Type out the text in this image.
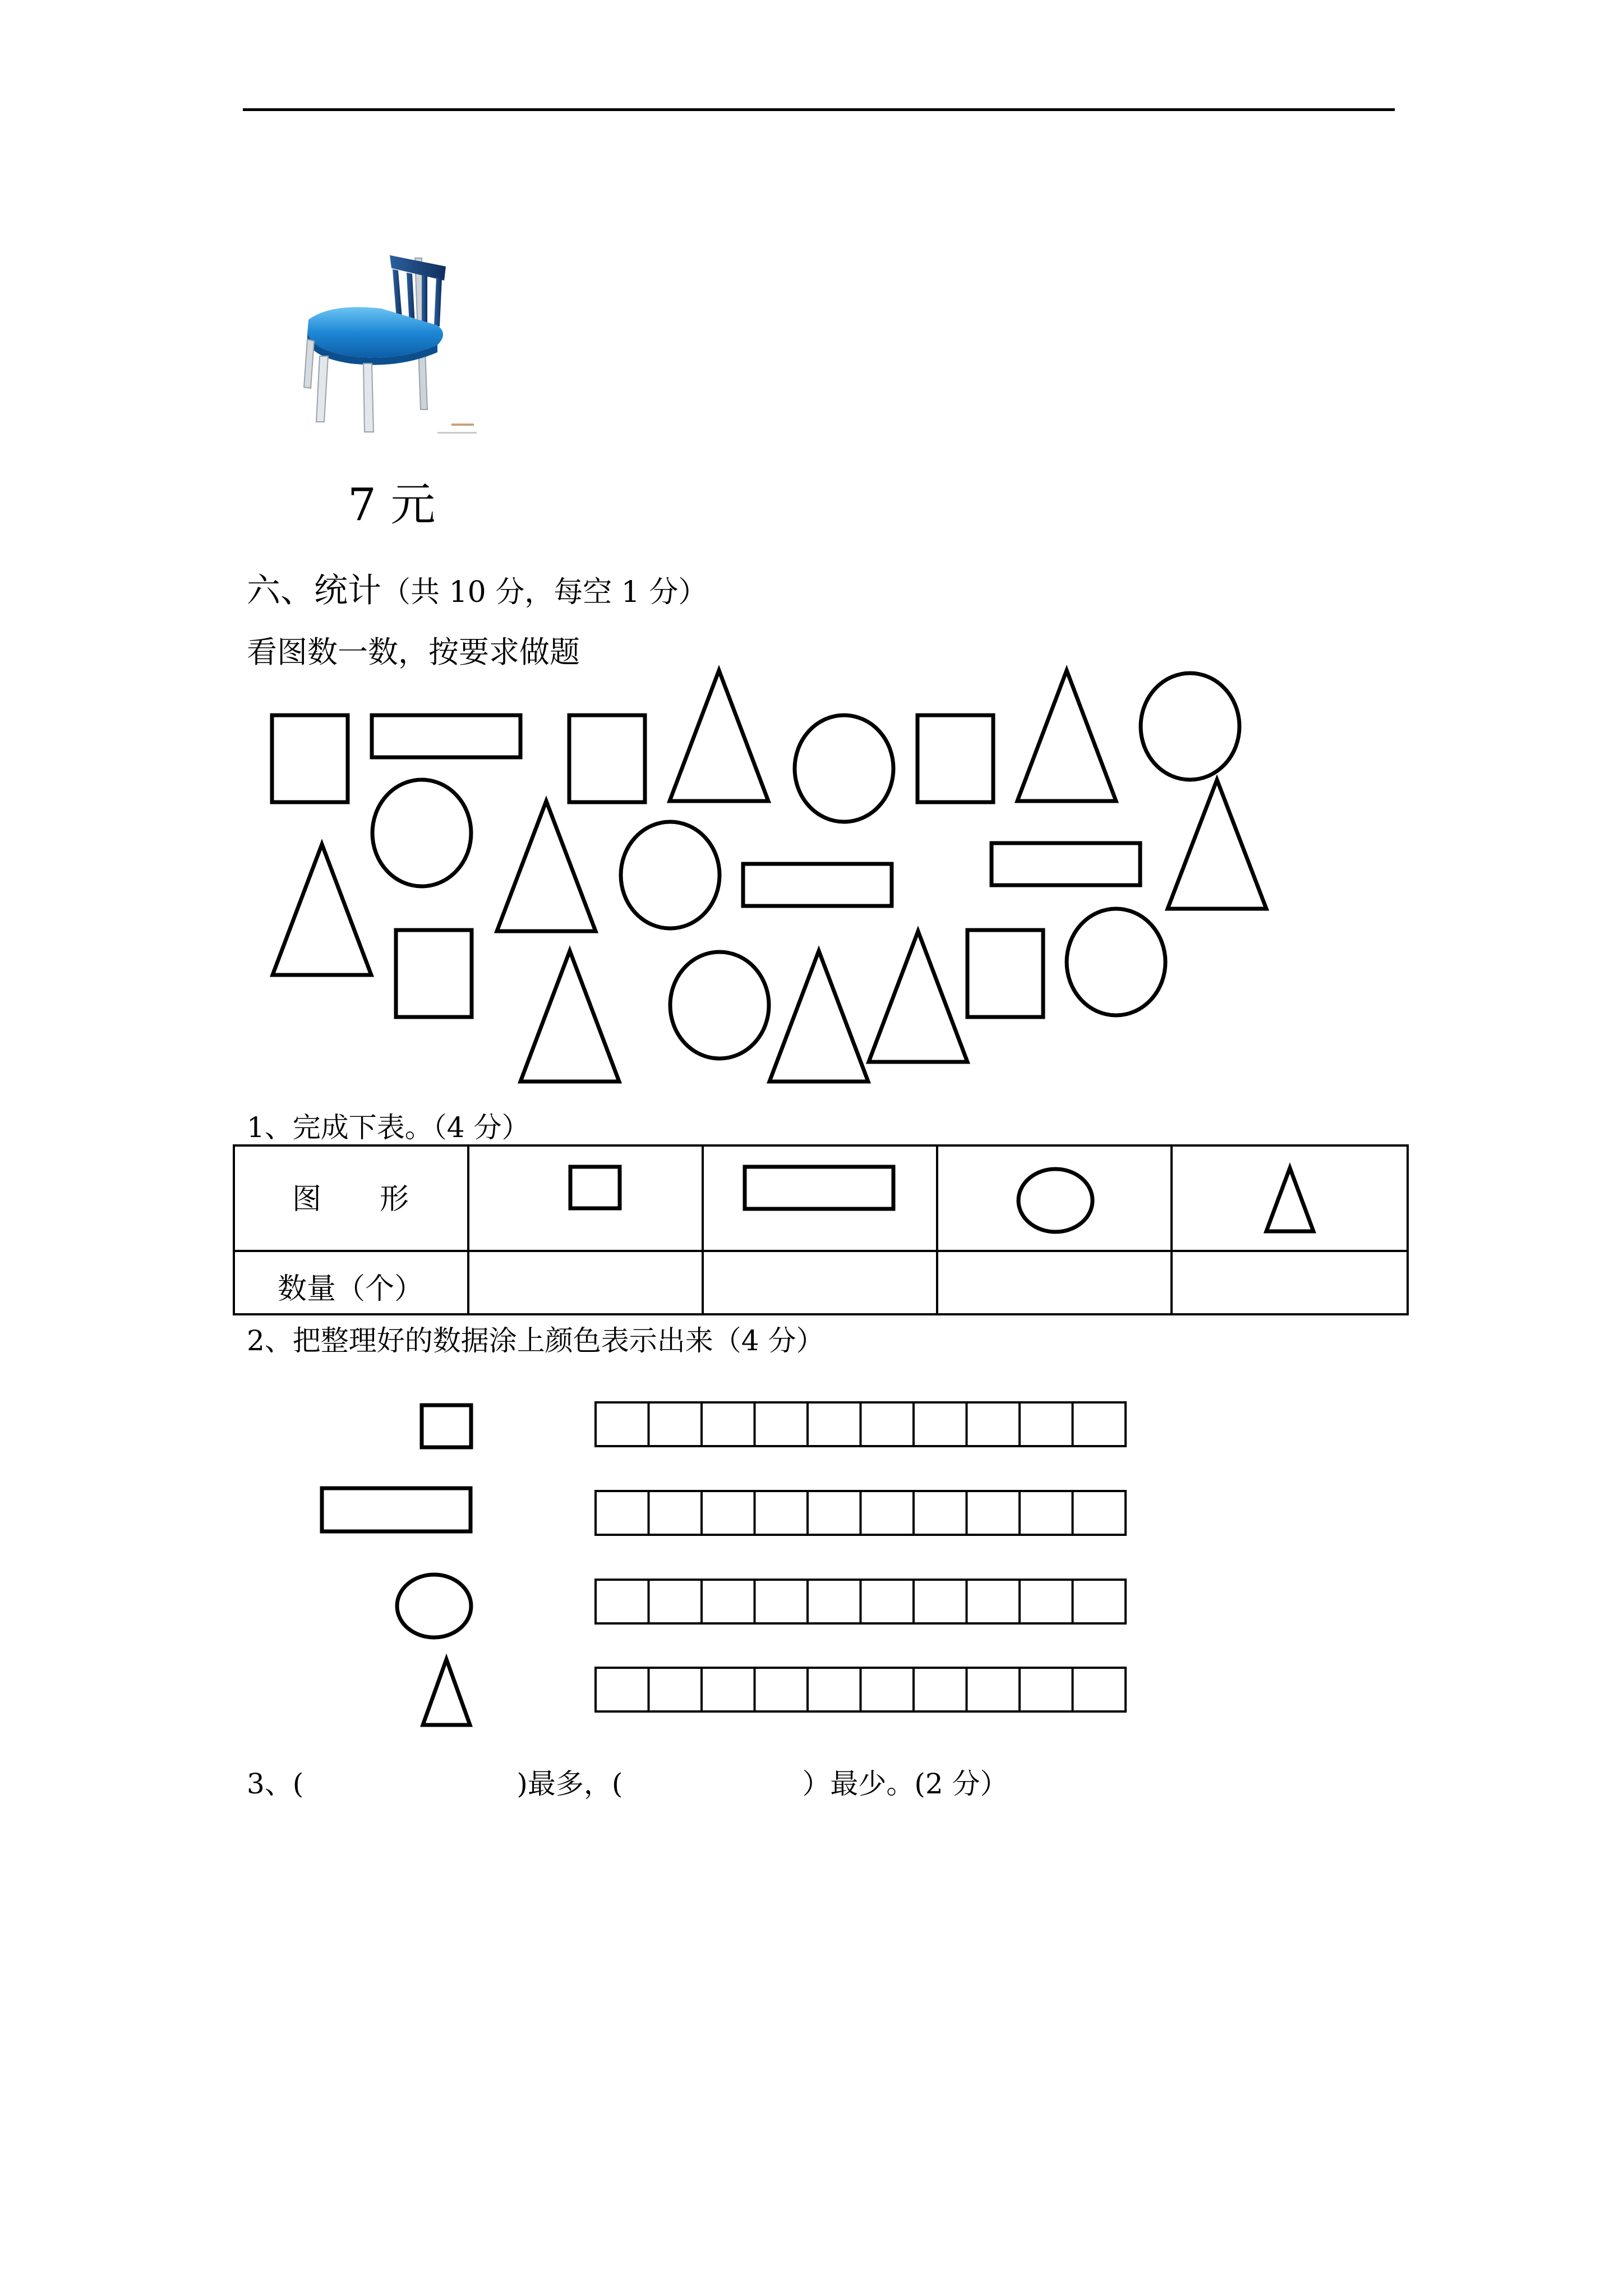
7 元
六、统计（共 10 分，每空 1 分）
看图数一数，按要求做题
1、完成下表。（4 分）
图　　形
数量（个）
2、把整理好的数据涂上颜色表示出来（4 分）
3、(	)最多，(	）最少。(2 分）
